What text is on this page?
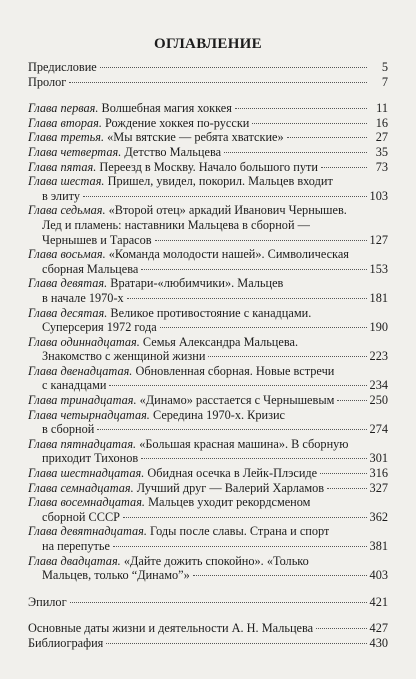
ОГЛАВЛЕНИЕ
Предисловие	5
Пролог	7
Глава первая. Волшебная магия хоккея	11
Глава вторая. Рождение хоккея по-русски	16
Глава третья. «Мы вятские — ребята хватские»	27
Глава четвертая. Детство Мальцева	35
Глава пятая. Переезд в Москву. Начало большого пути	73
Глава шестая. Пришел, увидел, покорил. Мальцев входит
в элиту	103
Глава седьмая. «Второй отец» аркадий Иванович Чернышев.
Лед и пламень: наставники Мальцева в сборной —
Чернышев и Тарасов	127
Глава восьмая. «Команда молодости нашей». Символическая
сборная Мальцева	153
Глава девятая. Вратари-«любимчики». Мальцев
в начале 1970-х	181
Глава десятая. Великое противостояние с канадцами.
Суперсерия 1972 года	190
Глава одиннадцатая. Семья Александра Мальцева.
Знакомство с женщиной жизни	223
Глава двенадцатая. Обновленная сборная. Новые встречи
с канадцами	234
Глава тринадцатая. «Динамо» расстается с Чернышевым	250
Глава четырнадцатая. Середина 1970-х. Кризис
в сборной	274
Глава пятнадцатая. «Большая красная машина». В сборную
приходит Тихонов	301
Глава шестнадцатая. Обидная осечка в Лейк-Плэсиде	316
Глава семнадцатая. Лучший друг — Валерий Харламов	327
Глава восемнадцатая. Мальцев уходит рекордсменом
сборной СССР	362
Глава девятнадцатая. Годы после славы. Страна и спорт
на перепутье	381
Глава двадцатая. «Дайте дожить спокойно». «Только
Мальцев, только “Динамо”»	403
Эпилог	421
Основные даты жизни и деятельности А. Н. Мальцева	427
Библиография	430
